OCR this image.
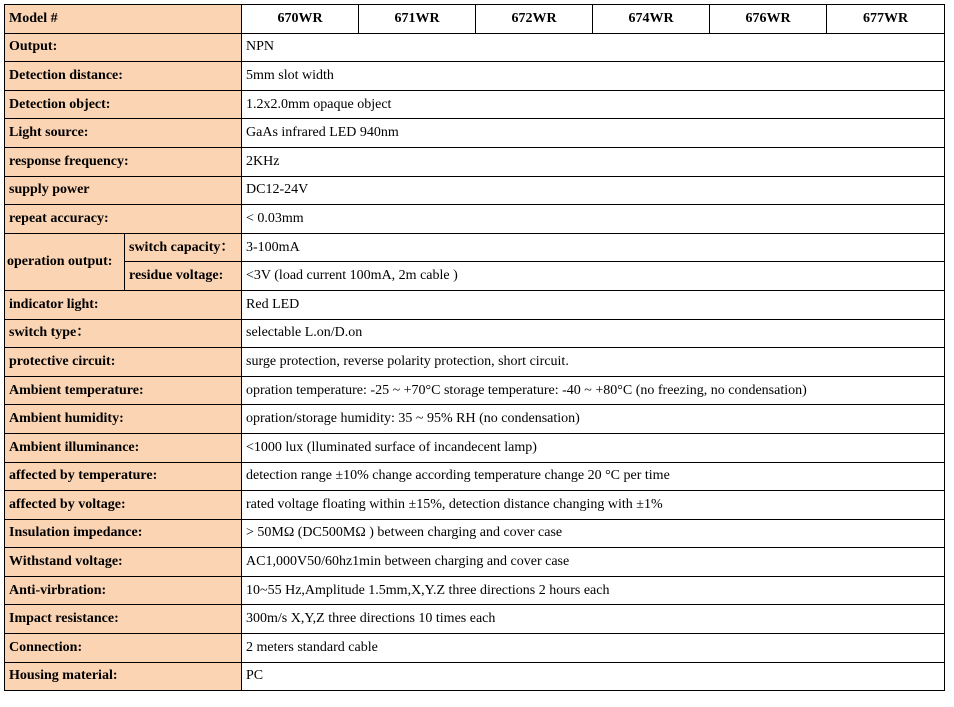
Model #		670WR	671WR	672WR	674WR	676WR	677WR
Output:		NPN					
Detection distance:		5mm slot width					
Detection object:		1.2x2.0mm opaque object					
Light source:		GaAs infrared LED 940nm					
response frequency:		2KHz					
supply power		DC12-24V					
repeat accuracy:		< 0.03mm					
operation output:	switch capacity：	3-100mA					
	residue voltage:	<3V (load current 100mA, 2m cable )					
indicator light:		Red LED					
switch type：		selectable L.on/D.on					
protective circuit:		surge protection, reverse polarity protection, short circuit.					
Ambient temperature:		opration temperature: -25 ~ +70°C storage temperature: -40 ~ +80°C (no freezing, no condensation)					
Ambient humidity:		opration/storage humidity: 35 ~ 95% RH (no condensation)					
Ambient illuminance:		<1000 lux (lluminated surface of incandecent lamp)					
affected by temperature:		detection range ±10% change according temperature change 20 °C per time					
affected by voltage:		rated voltage floating within ±15%, detection distance changing with ±1%					
Insulation impedance:		> 50MΩ (DC500MΩ ) between charging and cover case					
Withstand voltage:		AC1,000V50/60hz1min between charging and cover case					
Anti-virbration:		10~55 Hz,Amplitude 1.5mm,X,Y.Z three directions 2 hours each					
Impact resistance:		300m/s X,Y,Z three directions 10 times each					
Connection:		2 meters standard cable					
Housing material:		PC					
